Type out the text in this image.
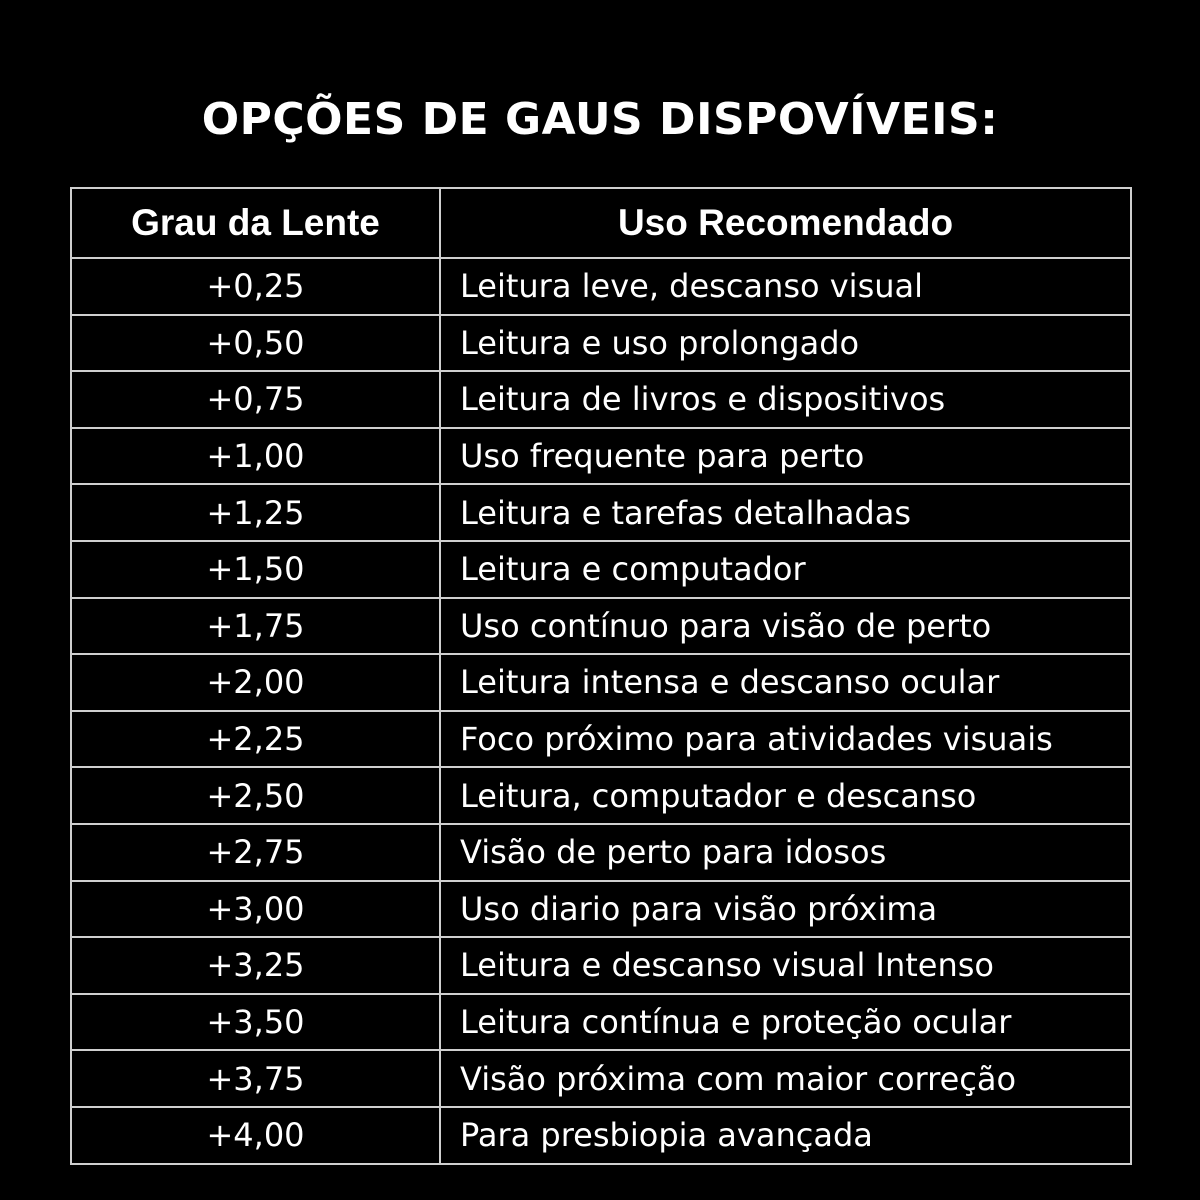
OPÇÕES DE GAUS DISPOVÍVEIS:
Grau da Lente	Uso Recomendado
+0,25	Leitura leve, descanso visual
+0,50	Leitura e uso prolongado
+0,75	Leitura de livros e dispositivos
+1,00	Uso frequente para perto
+1,25	Leitura e tarefas detalhadas
+1,50	Leitura e computador
+1,75	Uso contínuo para visão de perto
+2,00	Leitura intensa e descanso ocular
+2,25	Foco próximo para atividades visuais
+2,50	Leitura, computador e descanso
+2,75	Visão de perto para idosos
+3,00	Uso diario para visão próxima
+3,25	Leitura e descanso visual Intenso
+3,50	Leitura contínua e proteção ocular
+3,75	Visão próxima com maior correção
+4,00	Para presbiopia avançada
